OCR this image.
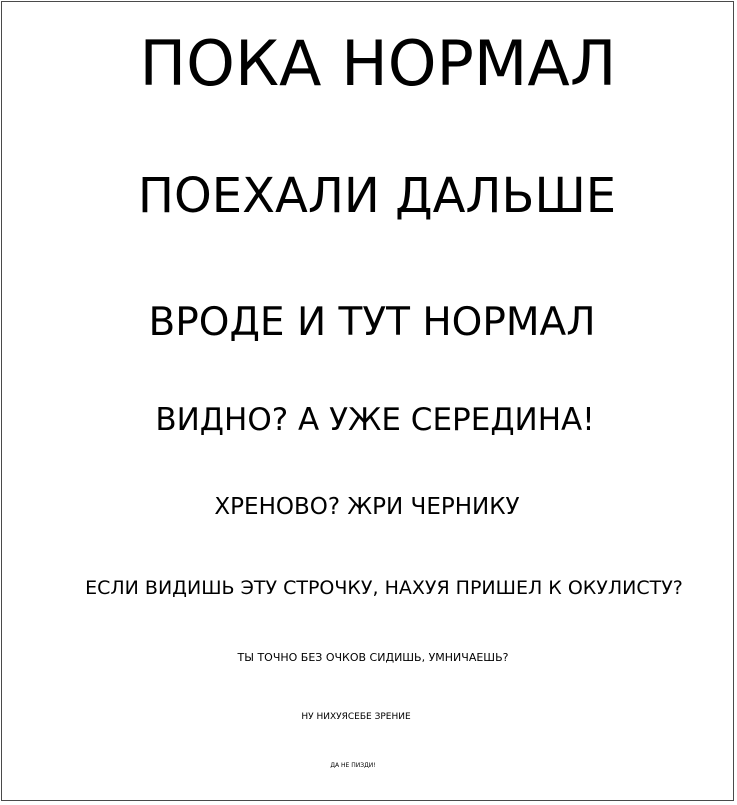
ПОКА НОРМАЛ
ПОЕХАЛИ ДАЛЬШЕ
ВРОДЕ И ТУТ НОРМАЛ
ВИДНО? А УЖЕ СЕРЕДИНА!
ХРЕНОВО? ЖРИ ЧЕРНИКУ
ЕСЛИ ВИДИШЬ ЭТУ СТРОЧКУ, НАХУЯ ПРИШЕЛ К ОКУЛИСТУ?
ТЫ ТОЧНО БЕЗ ОЧКОВ СИДИШЬ, УМНИЧАЕШЬ?
НУ НИХУЯСЕБЕ ЗРЕНИЕ
ДА НЕ ПИЗДИ!
